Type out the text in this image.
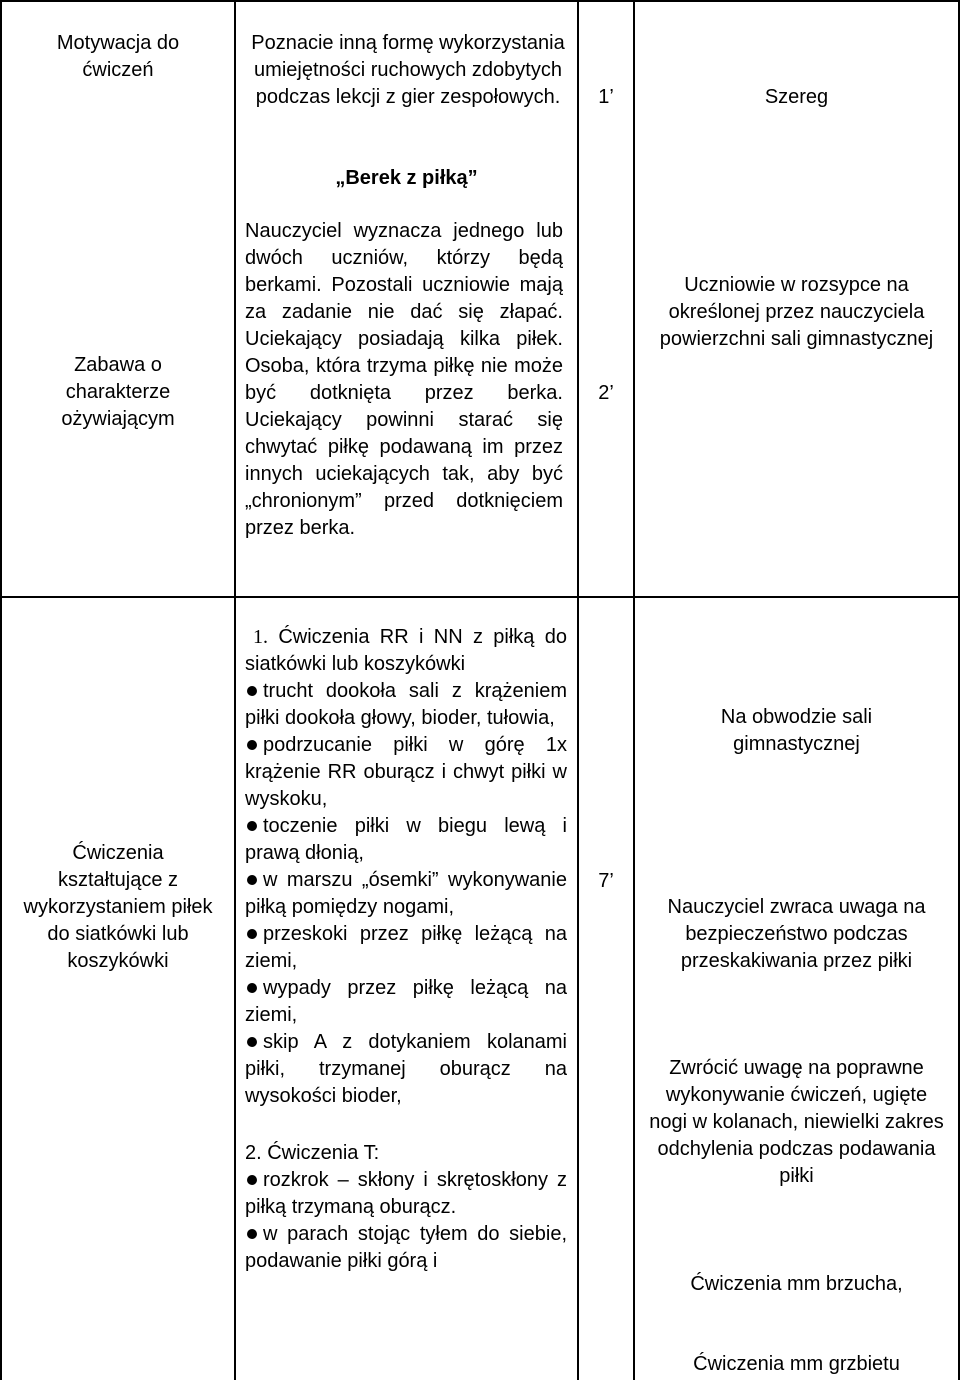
Motywacja do ćwiczeń

Poznacie inną formę wykorzystania umiejętności ruchowych zdobytych podczas lekcji z gier zespołowych.	1’	Szereg

Zabawa o charakterze ożywiającym

„Berek z piłką”

Nauczyciel wyznacza jednego lub dwóch uczniów, którzy będą berkami. Pozostali uczniowie mają za zadanie nie dać się złapać. Uciekający posiadają kilka piłek. Osoba, która trzyma piłkę nie może być dotknięta przez berka. Uciekający powinni starać się chwytać piłkę podawaną im przez innych uciekających tak, aby być „chronionym” przed dotknięciem przez berka.

2’

Uczniowie w rozsypce na określonej przez nauczyciela powierzchni sali gimnastycznej

Ćwiczenia kształtujące z wykorzystaniem piłek do siatkówki lub koszykówki

1. Ćwiczenia RR i NN z piłką do siatkówki lub koszykówki

trucht dookoła sali z krążeniem piłki dookoła głowy, bioder, tułowia,

podrzucanie piłki w górę 1x krążenie RR oburącz i chwyt piłki w wyskoku,

toczenie piłki w biegu lewą i prawą dłonią,

w marszu „ósemki” wykonywanie piłką pomiędzy nogami,

przeskoki przez piłkę leżącą na ziemi,

wypady przez piłkę leżącą na ziemi,

skip A z dotykaniem kolanami piłki, trzymanej oburącz na wysokości bioder,

2. Ćwiczenia T:

rozkrok – skłony i skrętoskłony z piłką trzymaną oburącz.

w parach stojąc tyłem do siebie, podawanie piłki górą i

7’

Na obwodzie sali gimnastycznej

Nauczyciel zwraca uwaga na bezpieczeństwo podczas przeskakiwania przez piłki

Zwrócić uwagę na poprawne wykonywanie ćwiczeń, ugięte nogi w kolanach, niewielki zakres odchylenia podczas podawania piłki

Ćwiczenia mm brzucha,

Ćwiczenia mm grzbietu
